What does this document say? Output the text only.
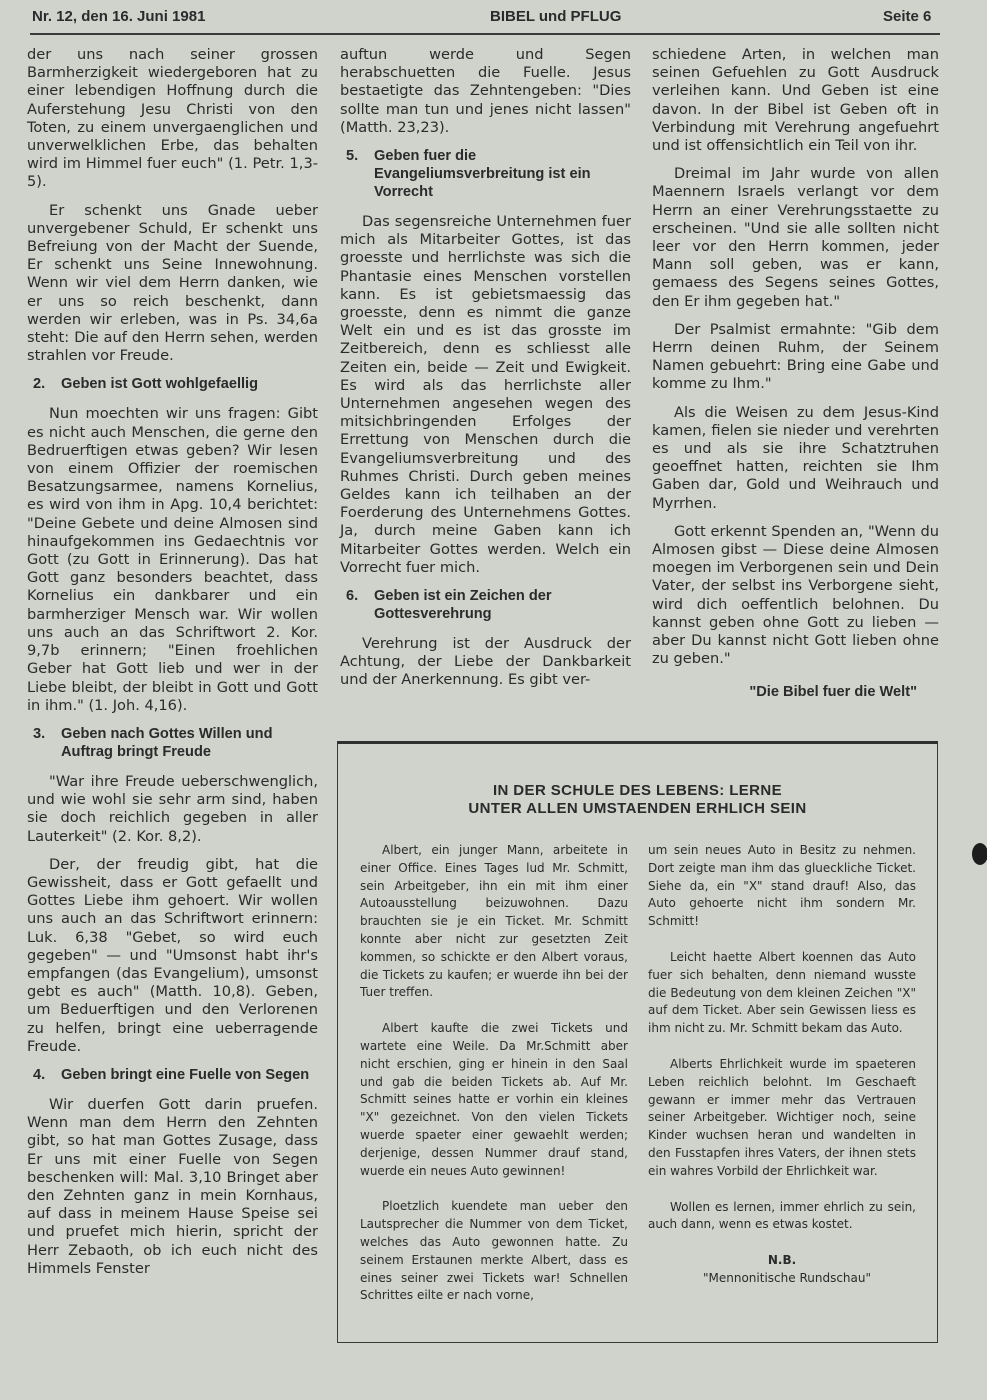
Nr. 12, den 16. Juni 1981	BIBEL und PFLUG	Seite 6

der uns nach seiner grossen Barmherzigkeit wiedergeboren hat zu einer lebendigen Hoffnung durch die Auferstehung Jesu Christi von den Toten, zu einem unvergaenglichen und unverwelklichen Erbe, das behalten wird im Himmel fuer euch" (1. Petr. 1,3-5).

Er schenkt uns Gnade ueber unvergebener Schuld, Er schenkt uns Befreiung von der Macht der Suende, Er schenkt uns Seine Innewohnung. Wenn wir viel dem Herrn danken, wie er uns so reich beschenkt, dann werden wir erleben, was in Ps. 34,6a steht: Die auf den Herrn sehen, werden strahlen vor Freude.

2.	Geben ist Gott wohlgefaellig

Nun moechten wir uns fragen: Gibt es nicht auch Menschen, die gerne den Bedruerftigen etwas geben? Wir lesen von einem Offizier der roemischen Besatzungsarmee, namens Kornelius, es wird von ihm in Apg. 10,4 berichtet: "Deine Gebete und deine Almosen sind hinaufgekommen ins Gedaechtnis vor Gott (zu Gott in Erinnerung). Das hat Gott ganz besonders beachtet, dass Kornelius ein dankbarer und ein barmherziger Mensch war. Wir wollen uns auch an das Schriftwort 2. Kor. 9,7b erinnern; "Einen froehlichen Geber hat Gott lieb und wer in der Liebe bleibt, der bleibt in Gott und Gott in ihm." (1. Joh. 4,16).

3.	Geben nach Gottes Willen und Auftrag bringt Freude

"War ihre Freude ueberschwenglich, und wie wohl sie sehr arm sind, haben sie doch reichlich gegeben in aller Lauterkeit" (2. Kor. 8,2).

Der, der freudig gibt, hat die Gewissheit, dass er Gott gefaellt und Gottes Liebe ihm gehoert. Wir wollen uns auch an das Schriftwort erinnern: Luk. 6,38 "Gebet, so wird euch gegeben" — und "Umsonst habt ihr's empfangen (das Evangelium), umsonst gebt es auch" (Matth. 10,8). Geben, um Beduerftigen und den Verlorenen zu helfen, bringt eine ueberragende Freude.

4.	Geben bringt eine Fuelle von Segen

Wir duerfen Gott darin pruefen. Wenn man dem Herrn den Zehnten gibt, so hat man Gottes Zusage, dass Er uns mit einer Fuelle von Segen beschenken will: Mal. 3,10 Bringet aber den Zehnten ganz in mein Kornhaus, auf dass in meinem Hause Speise sei und pruefet mich hierin, spricht der Herr Zebaoth, ob ich euch nicht des Himmels Fenster

auftun werde und Segen herabschuetten die Fuelle. Jesus bestaetigte das Zehntengeben: "Dies sollte man tun und jenes nicht lassen" (Matth. 23,23).

5.	Geben fuer die Evangeliumsverbreitung ist ein Vorrecht

Das segensreiche Unternehmen fuer mich als Mitarbeiter Gottes, ist das groesste und herrlichste was sich die Phantasie eines Menschen vorstellen kann. Es ist gebietsmaessig das groesste, denn es nimmt die ganze Welt ein und es ist das grosste im Zeitbereich, denn es schliesst alle Zeiten ein, beide — Zeit und Ewigkeit. Es wird als das herrlichste aller Unternehmen angesehen wegen des mitsichbringenden Erfolges der Errettung von Menschen durch die Evangeliumsverbreitung und des Ruhmes Christi. Durch geben meines Geldes kann ich teilhaben an der Foerderung des Unternehmens Gottes. Ja, durch meine Gaben kann ich Mitarbeiter Gottes werden. Welch ein Vorrecht fuer mich.

6.	Geben ist ein Zeichen der Gottesverehrung

Verehrung ist der Ausdruck der Achtung, der Liebe der Dankbarkeit und der Anerkennung. Es gibt ver-

schiedene Arten, in welchen man seinen Gefuehlen zu Gott Ausdruck verleihen kann. Und Geben ist eine davon. In der Bibel ist Geben oft in Verbindung mit Verehrung angefuehrt und ist offensichtlich ein Teil von ihr.

Dreimal im Jahr wurde von allen Maennern Israels verlangt vor dem Herrn an einer Verehrungsstaette zu erscheinen. "Und sie alle sollten nicht leer vor den Herrn kommen, jeder Mann soll geben, was er kann, gemaess des Segens seines Gottes, den Er ihm gegeben hat."

Der Psalmist ermahnte: "Gib dem Herrn deinen Ruhm, der Seinem Namen gebuehrt: Bring eine Gabe und komme zu Ihm."

Als die Weisen zu dem Jesus-Kind kamen, fielen sie nieder und verehrten es und als sie ihre Schatztruhen geoeffnet hatten, reichten sie Ihm Gaben dar, Gold und Weihrauch und Myrrhen.

Gott erkennt Spenden an, "Wenn du Almosen gibst — Diese deine Almosen moegen im Verborgenen sein und Dein Vater, der selbst ins Verborgene sieht, wird dich oeffentlich belohnen. Du kannst geben ohne Gott zu lieben — aber Du kannst nicht Gott lieben ohne zu geben."

"Die Bibel fuer die Welt"
IN DER SCHULE DES LEBENS: LERNE
UNTER ALLEN UMSTAENDEN ERHLICH SEIN

Albert, ein junger Mann, arbeitete in einer Office. Eines Tages lud Mr. Schmitt, sein Arbeitgeber, ihn ein mit ihm einer Autoausstellung beizuwohnen. Dazu brauchten sie je ein Ticket. Mr. Schmitt konnte aber nicht zur gesetzten Zeit kommen, so schickte er den Albert voraus, die Tickets zu kaufen; er wuerde ihn bei der Tuer treffen.

Albert kaufte die zwei Tickets und wartete eine Weile. Da Mr.Schmitt aber nicht erschien, ging er hinein in den Saal und gab die beiden Tickets ab. Auf Mr. Schmitt seines hatte er vorhin ein kleines "X" gezeichnet. Von den vielen Tickets wuerde spaeter einer gewaehlt werden; derjenige, dessen Nummer drauf stand, wuerde ein neues Auto gewinnen!

Ploetzlich kuendete man ueber den Lautsprecher die Nummer von dem Ticket, welches das Auto gewonnen hatte. Zu seinem Erstaunen merkte Albert, dass es eines seiner zwei Tickets war! Schnellen Schrittes eilte er nach vorne,

um sein neues Auto in Besitz zu nehmen. Dort zeigte man ihm das glueckliche Ticket. Siehe da, ein "X" stand drauf! Also, das Auto gehoerte nicht ihm sondern Mr. Schmitt!

Leicht haette Albert koennen das Auto fuer sich behalten, denn niemand wusste die Bedeutung von dem kleinen Zeichen "X" auf dem Ticket. Aber sein Gewissen liess es ihm nicht zu. Mr. Schmitt bekam das Auto.

Alberts Ehrlichkeit wurde im spaeteren Leben reichlich belohnt. Im Geschaeft gewann er immer mehr das Vertrauen seiner Arbeitgeber. Wichtiger noch, seine Kinder wuchsen heran und wandelten in den Fusstapfen ihres Vaters, der ihnen stets ein wahres Vorbild der Ehrlichkeit war.

Wollen es lernen, immer ehrlich zu sein, auch dann, wenn es etwas kostet.

N.B.
"Mennonitische Rundschau"
